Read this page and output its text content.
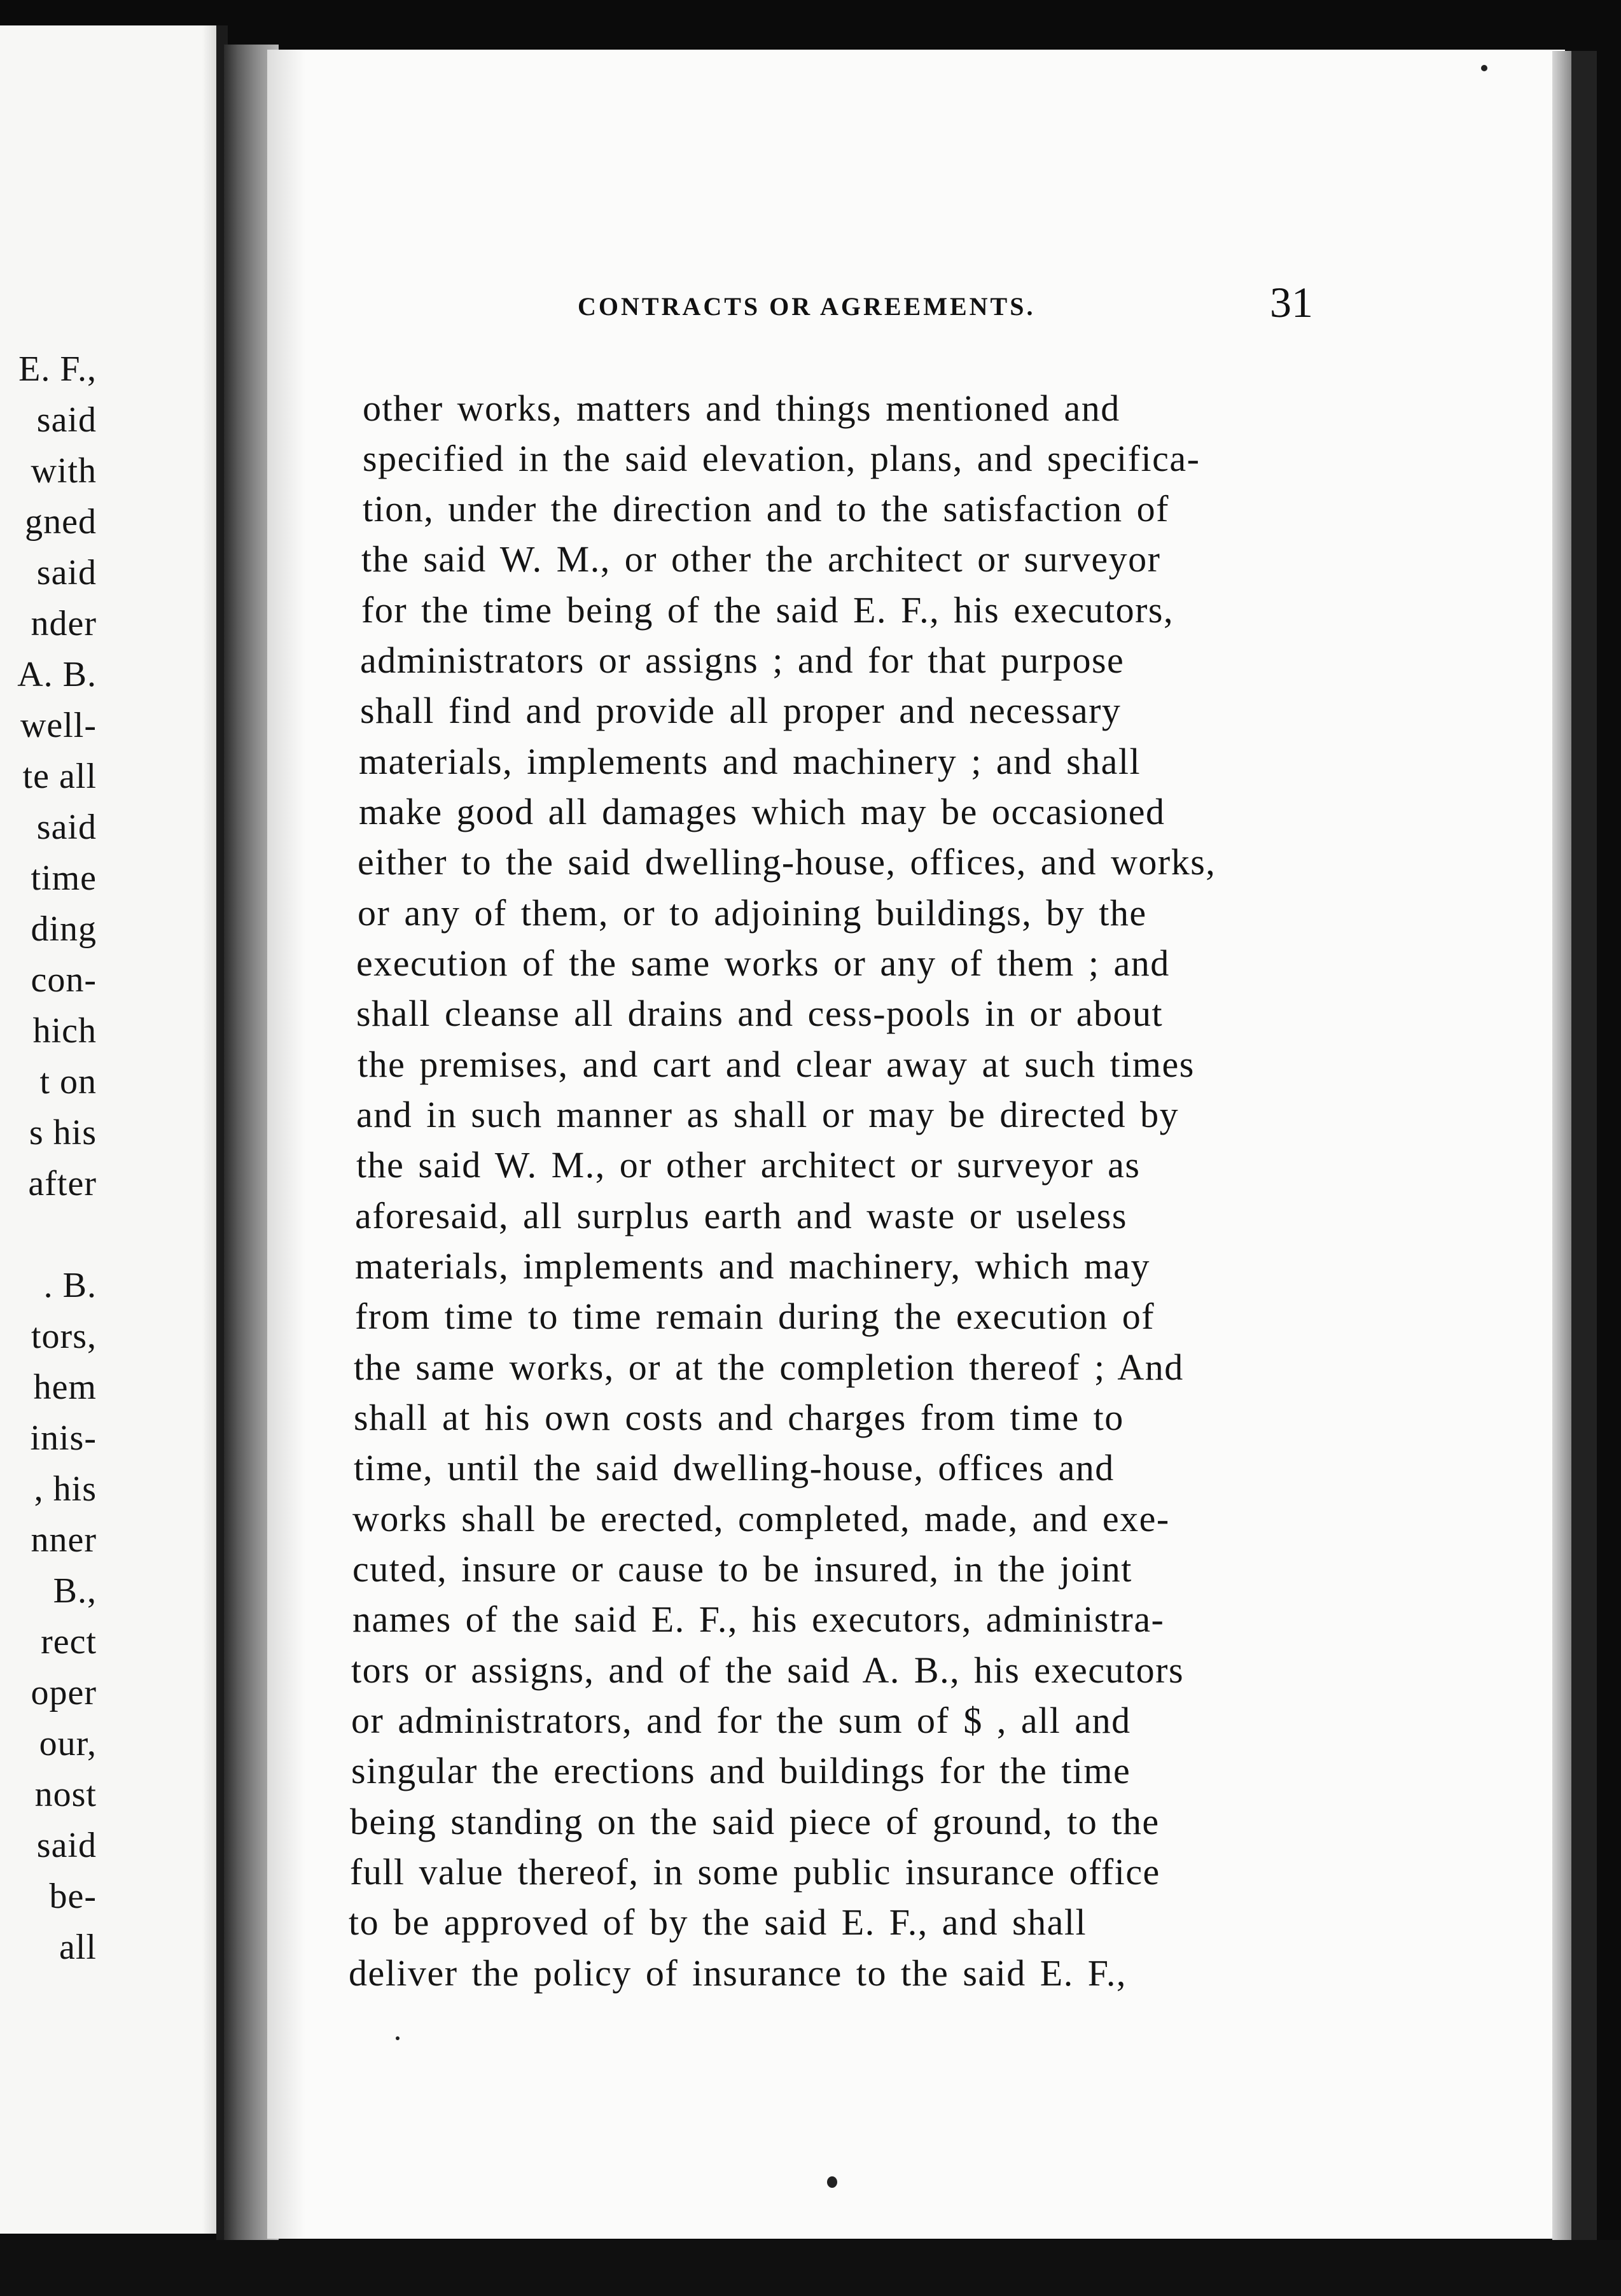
E. F.,
said
with
gned
said
nder
A. B.
well-
te all
said
time
ding
con-
hich
t on
s his
after
. B.
tors,
hem
inis-
, his
nner
B.,
rect
oper
our,
nost
said
be-
all
CONTRACTS OR AGREEMENTS.	31
other works, matters and things mentioned and
specified in the said elevation, plans, and specifica-
tion, under the direction and to the satisfaction of
the said W. M., or other the architect or surveyor
for the time being of the said E. F., his executors,
administrators or assigns ; and for that purpose
shall find and provide all proper and necessary
materials, implements and machinery ; and shall
make good all damages which may be occasioned
either to the said dwelling-house, offices, and works,
or any of them, or to adjoining buildings, by the
execution of the same works or any of them ; and
shall cleanse all drains and cess-pools in or about
the premises, and cart and clear away at such times
and in such manner as shall or may be directed by
the said W. M., or other architect or surveyor as
aforesaid, all surplus earth and waste or useless
materials, implements and machinery, which may
from time to time remain during the execution of
the same works, or at the completion thereof ; And
shall at his own costs and charges from time to
time, until the said dwelling-house, offices and
works shall be erected, completed, made, and exe-
cuted, insure or cause to be insured, in the joint
names of the said E. F., his executors, administra-
tors or assigns, and of the said A. B., his executors
or administrators, and for the sum of $ , all and
singular the erections and buildings for the time
being standing on the said piece of ground, to the
full value thereof, in some public insurance office
to be approved of by the said E. F., and shall
deliver the policy of insurance to the said E. F.,
